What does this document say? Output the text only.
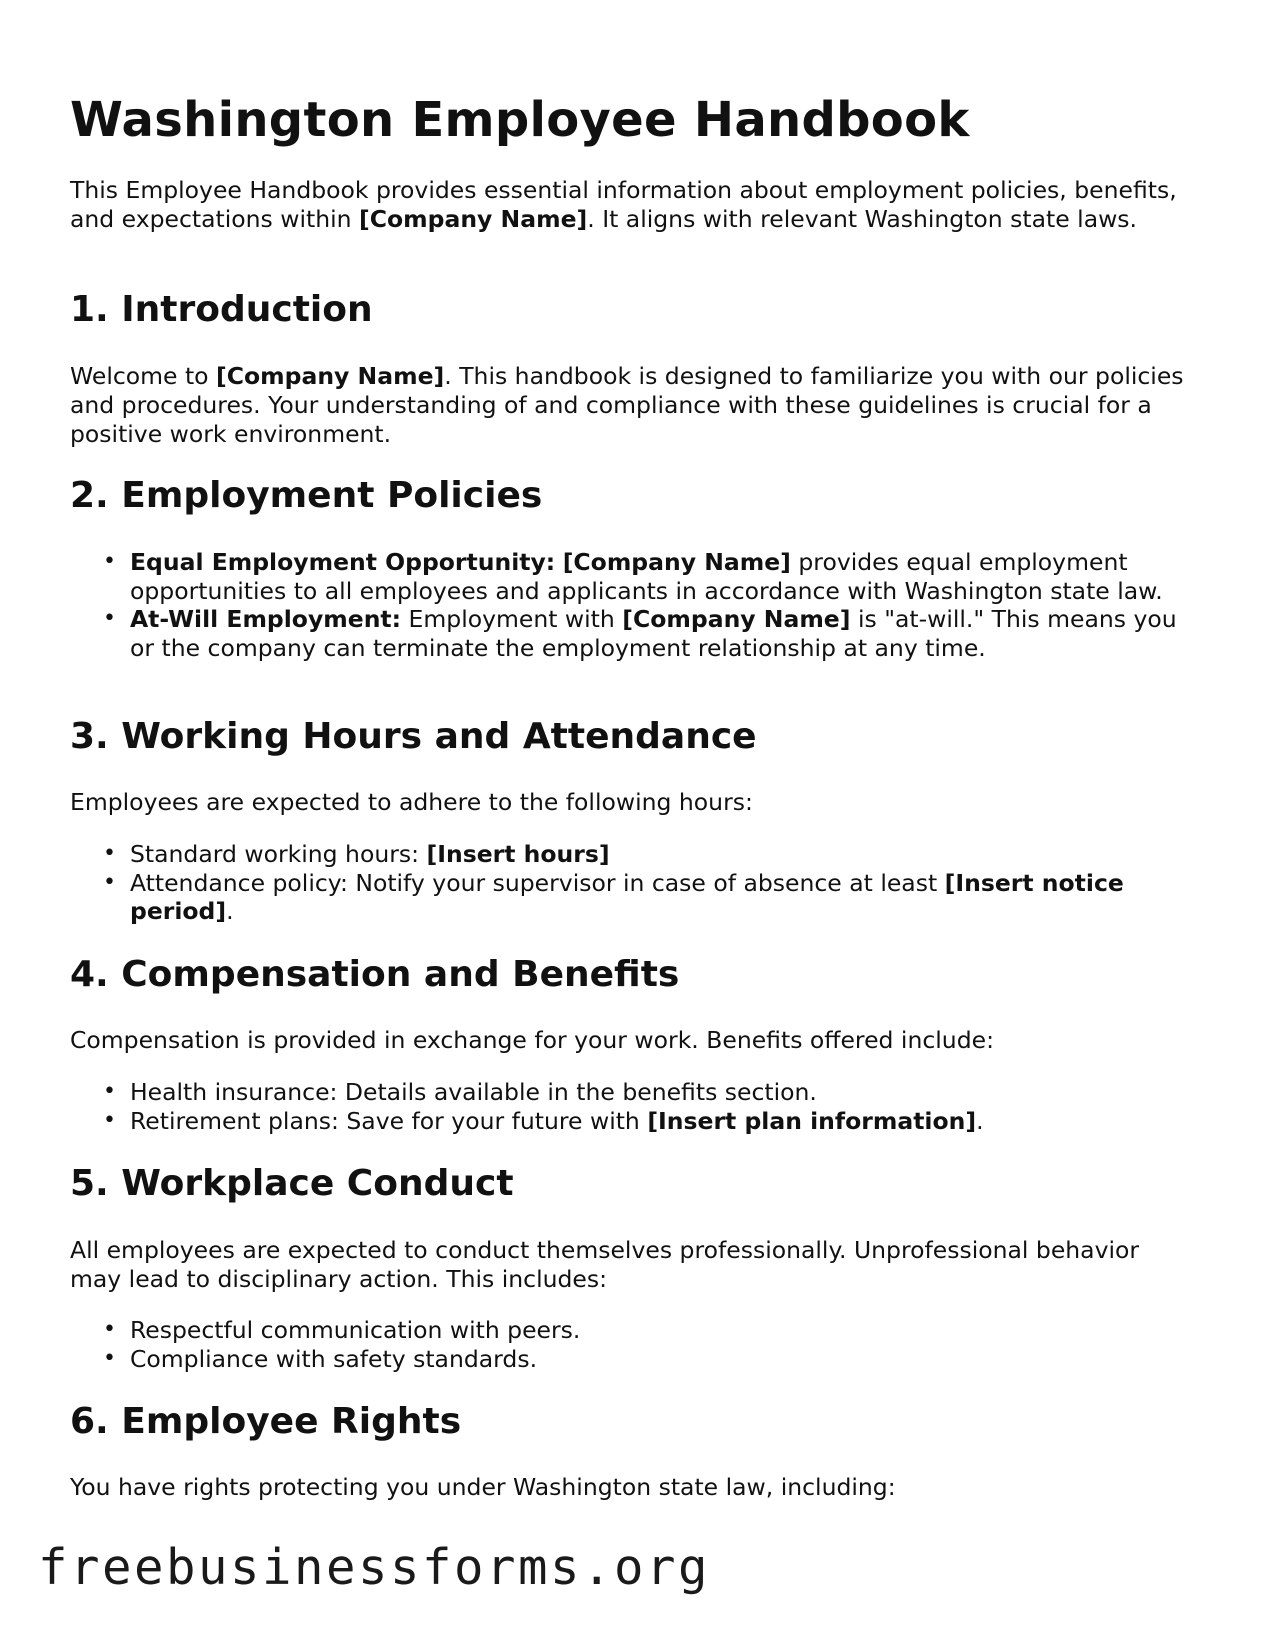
Washington Employee Handbook

This Employee Handbook provides essential information about employment policies, benefits, and expectations within [Company Name]. It aligns with relevant Washington state laws.

1. Introduction

Welcome to [Company Name]. This handbook is designed to familiarize you with our policies and procedures. Your understanding of and compliance with these guidelines is crucial for a positive work environment.

2. Employment Policies
• Equal Employment Opportunity: [Company Name] provides equal employment opportunities to all employees and applicants in accordance with Washington state law.
• At-Will Employment: Employment with [Company Name] is "at-will." This means you or the company can terminate the employment relationship at any time.
3. Working Hours and Attendance

Employees are expected to adhere to the following hours:

• Standard working hours: [Insert hours]
• Attendance policy: Notify your supervisor in case of absence at least [Insert notice period].
4. Compensation and Benefits

Compensation is provided in exchange for your work. Benefits offered include:

• Health insurance: Details available in the benefits section.
• Retirement plans: Save for your future with [Insert plan information].
5. Workplace Conduct

All employees are expected to conduct themselves professionally. Unprofessional behavior may lead to disciplinary action. This includes:

• Respectful communication with peers.
• Compliance with safety standards.
6. Employee Rights

You have rights protecting you under Washington state law, including:

freebusinessforms.org
